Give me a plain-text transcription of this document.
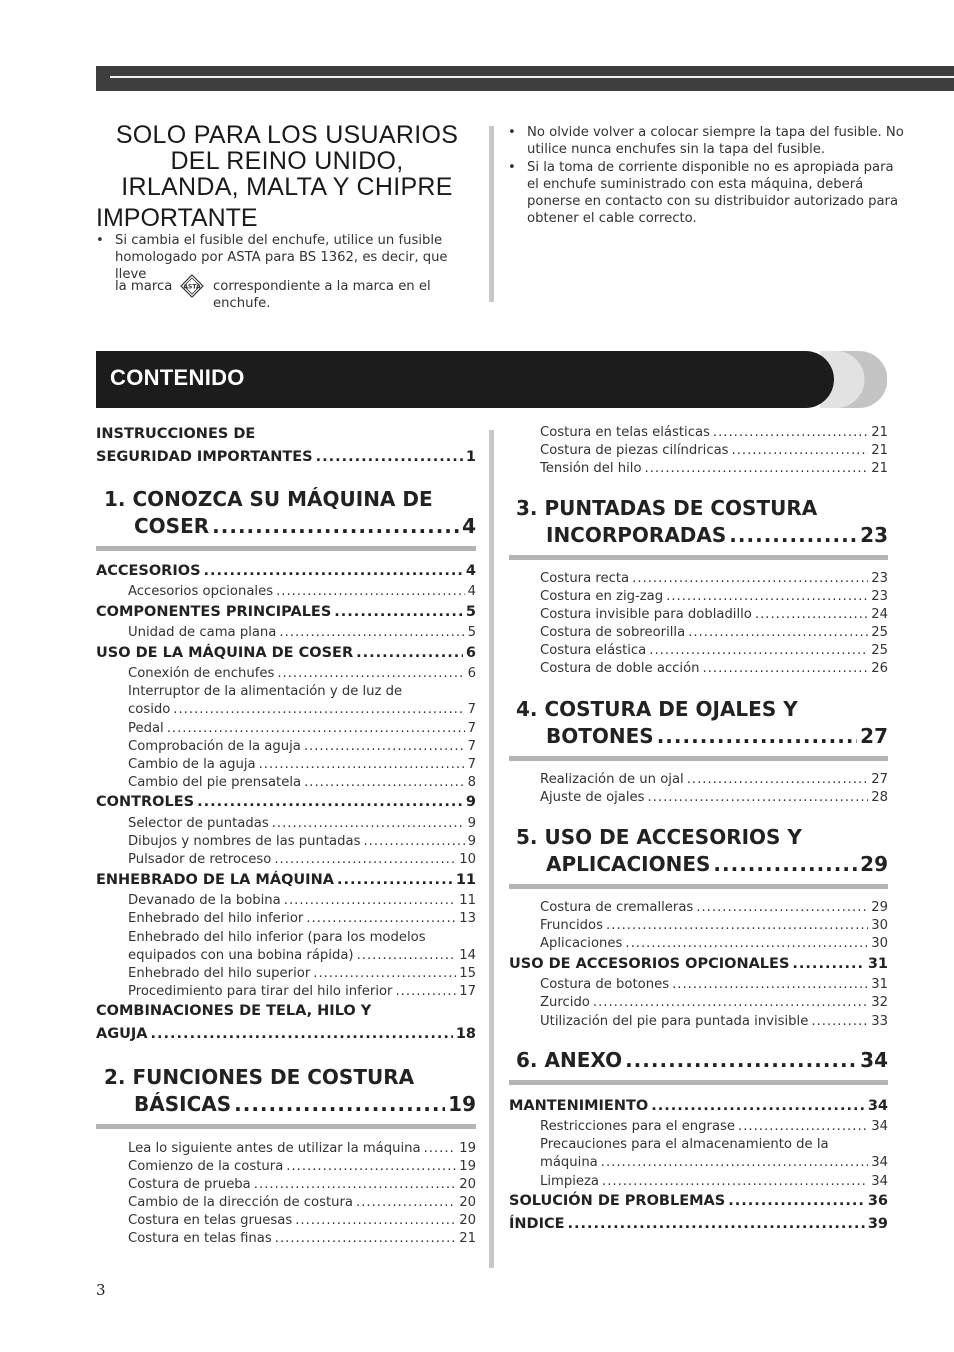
SOLO PARA LOS USUARIOS
DEL REINO UNIDO,
IRLANDA, MALTA Y CHIPRE
IMPORTANTE
• Si cambia el fusible del enchufe, utilice un fusible homologado por ASTA para BS 1362, es decir, que lleve
la marca ASTA correspondiente a la marca en el enchufe.
• No olvide volver a colocar siempre la tapa del fusible. No utilice nunca enchufes sin la tapa del fusible.
• Si la toma de corriente disponible no es apropiada para el enchufe suministrado con esta máquina, deberá ponerse en contacto con su distribuidor autorizado para obtener el cable correcto.
CONTENIDO
INSTRUCCIONES DE
SEGURIDAD IMPORTANTES .....	1
1. CONOZCA SU MÁQUINA DE
COSER .....	4
ACCESORIOS .....	4
Accesorios opcionales .....	4
COMPONENTES PRINCIPALES .....	5
Unidad de cama plana .....	5
USO DE LA MÁQUINA DE COSER .....	6
Conexión de enchufes .....	6
Interruptor de la alimentación y de luz de
cosido .....	7
Pedal .....	7
Comprobación de la aguja .....	7
Cambio de la aguja .....	7
Cambio del pie prensatela .....	8
CONTROLES .....	9
Selector de puntadas .....	9
Dibujos y nombres de las puntadas .....	9
Pulsador de retroceso .....	10
ENHEBRADO DE LA MÁQUINA .....	11
Devanado de la bobina .....	11
Enhebrado del hilo inferior .....	13
Enhebrado del hilo inferior (para los modelos
equipados con una bobina rápida) .....	14
Enhebrado del hilo superior .....	15
Procedimiento para tirar del hilo inferior .....	17
COMBINACIONES DE TELA, HILO Y
AGUJA .....	18
2. FUNCIONES DE COSTURA
BÁSICAS .....	19
Lea lo siguiente antes de utilizar la máquina .....	19
Comienzo de la costura .....	19
Costura de prueba .....	20
Cambio de la dirección de costura .....	20
Costura en telas gruesas .....	20
Costura en telas finas .....	21
Costura en telas elásticas .....	21
Costura de piezas cilíndricas .....	21
Tensión del hilo .....	21
3. PUNTADAS DE COSTURA
INCORPORADAS .....	23
Costura recta .....	23
Costura en zig-zag .....	23
Costura invisible para dobladillo .....	24
Costura de sobreorilla .....	25
Costura elástica .....	25
Costura de doble acción .....	26
4. COSTURA DE OJALES Y
BOTONES .....	27
Realización de un ojal .....	27
Ajuste de ojales .....	28
5. USO DE ACCESORIOS Y
APLICACIONES .....	29
Costura de cremalleras .....	29
Fruncidos .....	30
Aplicaciones .....	30
USO DE ACCESORIOS OPCIONALES .....	31
Costura de botones .....	31
Zurcido .....	32
Utilización del pie para puntada invisible .....	33
6. ANEXO .....	34
MANTENIMIENTO .....	34
Restricciones para el engrase .....	34
Precauciones para el almacenamiento de la
máquina .....	34
Limpieza .....	34
SOLUCIÓN DE PROBLEMAS .....	36
ÍNDICE .....	39
3
